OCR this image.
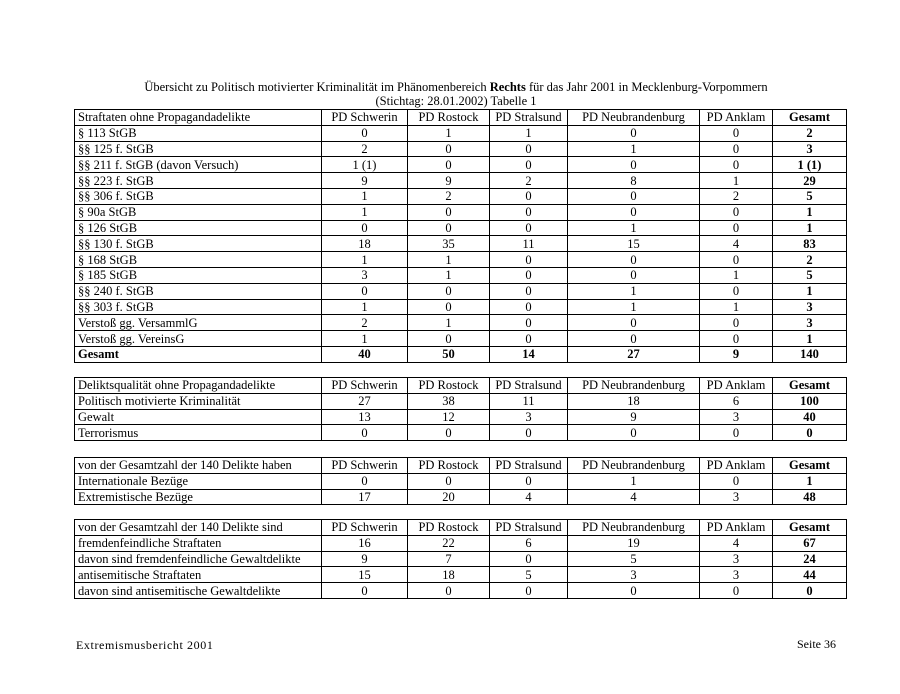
Übersicht zu Politisch motivierter Kriminalität im Phänomenbereich Rechts für das Jahr 2001 in Mecklenburg-Vorpommern
(Stichtag: 28.01.2002) Tabelle 1
Straftaten ohne Propagandadelikte	PD Schwerin	PD Rostock	PD Stralsund	PD Neubrandenburg	PD Anklam	Gesamt
§ 113 StGB	0	1	1	0	0	2
§§ 125 f. StGB	2	0	0	1	0	3
§§ 211 f. StGB (davon Versuch)	1 (1)	0	0	0	0	1 (1)
§§ 223 f. StGB	9	9	2	8	1	29
§§ 306 f. StGB	1	2	0	0	2	5
§ 90a StGB	1	0	0	0	0	1
§ 126 StGB	0	0	0	1	0	1
§§ 130 f. StGB	18	35	11	15	4	83
§ 168 StGB	1	1	0	0	0	2
§ 185 StGB	3	1	0	0	1	5
§§ 240 f. StGB	0	0	0	1	0	1
§§ 303 f. StGB	1	0	0	1	1	3
Verstoß gg. VersammlG	2	1	0	0	0	3
Verstoß gg. VereinsG	1	0	0	0	0	1
Gesamt	40	50	14	27	9	140
Deliktsqualität ohne Propagandadelikte	PD Schwerin	PD Rostock	PD Stralsund	PD Neubrandenburg	PD Anklam	Gesamt
Politisch motivierte Kriminalität	27	38	11	18	6	100
Gewalt	13	12	3	9	3	40
Terrorismus	0	0	0	0	0	0
von der Gesamtzahl der 140 Delikte haben	PD Schwerin	PD Rostock	PD Stralsund	PD Neubrandenburg	PD Anklam	Gesamt
Internationale Bezüge	0	0	0	1	0	1
Extremistische Bezüge	17	20	4	4	3	48
von der Gesamtzahl der 140 Delikte sind	PD Schwerin	PD Rostock	PD Stralsund	PD Neubrandenburg	PD Anklam	Gesamt
fremdenfeindliche Straftaten	16	22	6	19	4	67
davon sind fremdenfeindliche Gewaltdelikte	9	7	0	5	3	24
antisemitische Straftaten	15	18	5	3	3	44
davon sind antisemitische Gewaltdelikte	0	0	0	0	0	0
Extremismusbericht 2001	Seite 36
